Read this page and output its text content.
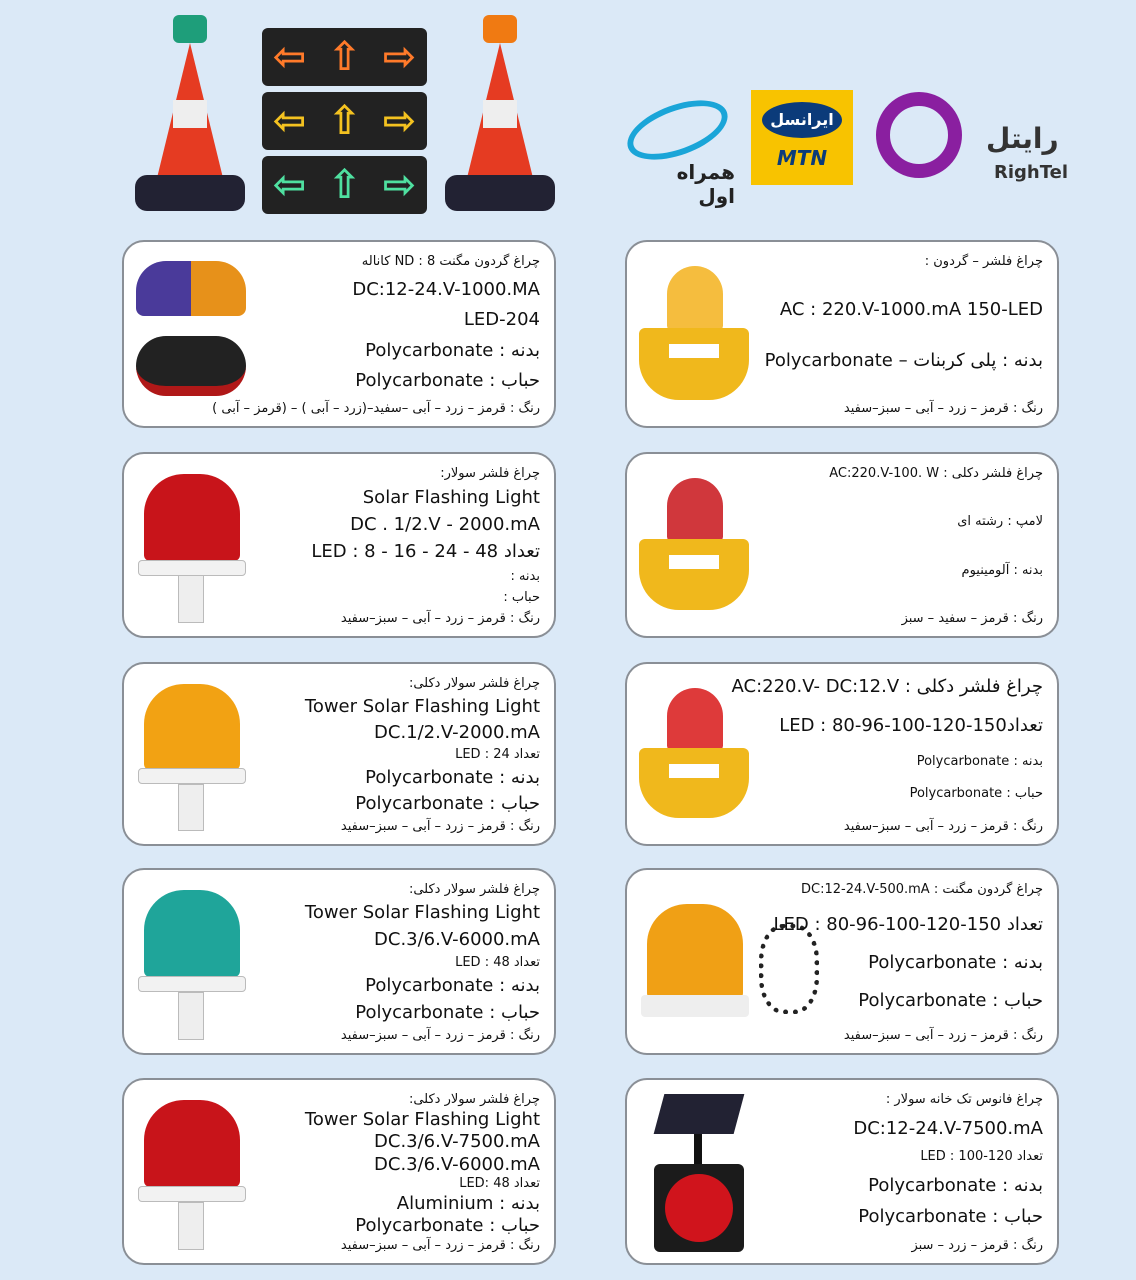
⇦ ⇧ ⇨
⇦ ⇧ ⇨
⇦ ⇧ ⇨	همراه اول
ایرانسل
MTN
رایتل
RighTel
چراغ فلشر – گردون :
AC : 220.V-1000.mA 150-LED
بدنه : پلی کربنات – Polycarbonate
رنگ : قرمز – زرد – آبی – سبز–سفید
چراغ گردون مگنت ND : 8 کاناله
DC:12-24.V-1000.MA
204-LED
بدنه : Polycarbonate
حباب : Polycarbonate
رنگ : قرمز – زرد – آبی –سفید–(زرد – آبی ) – (قرمز – آبی )
چراغ فلشر دکلی : AC:220.V-100. W
لامپ : رشته ای
بدنه : آلومینیوم
رنگ : قرمز – سفید – سبز
چراغ فلشر سولار:
Solar Flashing Light
DC . 1/2.V - 2000.mA
تعداد LED : 8 - 16 - 24 - 48
بدنه :
حباب :
رنگ : قرمز – زرد – آبی – سبز–سفید
چراغ فلشر دکلی : AC:220.V- DC:12.V
تعدادLED : 80-96-100-120-150
بدنه : Polycarbonate
حباب : Polycarbonate
رنگ : قرمز – زرد – آبی – سبز–سفید
چراغ فلشر سولار دکلی:
Tower Solar Flashing Light
DC.1/2.V-2000.mA
تعداد LED : 24
بدنه : Polycarbonate
حباب : Polycarbonate
رنگ : قرمز – زرد – آبی – سبز–سفید
چراغ گردون مگنت : DC:12-24.V-500.mA
تعداد LED : 80-96-100-120-150
بدنه : Polycarbonate
حباب : Polycarbonate
رنگ : قرمز – زرد – آبی – سبز–سفید
چراغ فلشر سولار دکلی:
Tower Solar Flashing Light
DC.3/6.V-6000.mA
تعداد LED : 48
بدنه : Polycarbonate
حباب : Polycarbonate
رنگ : قرمز – زرد – آبی – سبز–سفید
چراغ فانوس تک خانه سولار :
DC:12-24.V-7500.mA
تعداد LED : 100-120
بدنه : Polycarbonate
حباب : Polycarbonate
رنگ : قرمز – زرد – سبز
چراغ فلشر سولار دکلی:
Tower Solar Flashing Light
DC.3/6.V-7500.mA
DC.3/6.V-6000.mA
تعداد LED: 48
بدنه : Aluminium
حباب : Polycarbonate
رنگ : قرمز – زرد – آبی – سبز–سفید
